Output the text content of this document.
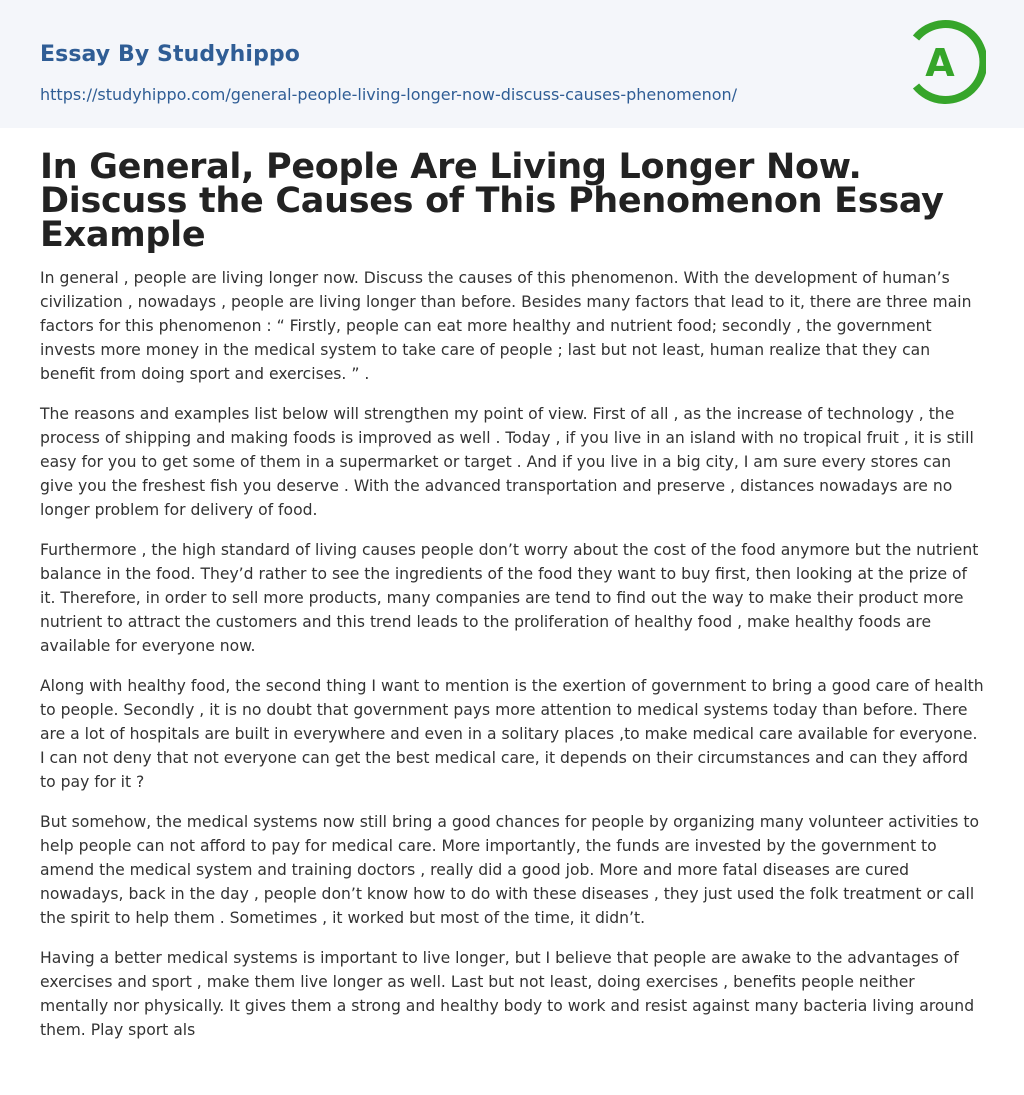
Essay By Studyhippo
https://studyhippo.com/general-people-living-longer-now-discuss-causes-phenomenon/
A
In General, People Are Living Longer Now. Discuss the Causes of This Phenomenon Essay Example

In general , people are living longer now. Discuss the causes of this phenomenon. With the development of human’s civilization , nowadays , people are living longer than before. Besides many factors that lead to it, there are three main factors for this phenomenon : “ Firstly, people can eat more healthy and nutrient food; secondly , the government invests more money in the medical system to take care of people ; last but not least, human realize that they can benefit from doing sport and exercises. ” .

The reasons and examples list below will strengthen my point of view. First of all , as the increase of technology , the process of shipping and making foods is improved as well . Today , if you live in an island with no tropical fruit , it is still easy for you to get some of them in a supermarket or target . And if you live in a big city, I am sure every stores can give you the freshest fish you deserve . With the advanced transportation and preserve , distances nowadays are no longer problem for delivery of food.

Furthermore , the high standard of living causes people don’t worry about the cost of the food anymore but the nutrient balance in the food. They’d rather to see the ingredients of the food they want to buy first, then looking at the prize of it. Therefore, in order to sell more products, many companies are tend to find out the way to make their product more nutrient to attract the customers and this trend leads to the proliferation of healthy food , make healthy foods are available for everyone now.

Along with healthy food, the second thing I want to mention is the exertion of government to bring a good care of health to people. Secondly , it is no doubt that government pays more attention to medical systems today than before. There are a lot of hospitals are built in everywhere and even in a solitary places ,to make medical care available for everyone. I can not deny that not everyone can get the best medical care, it depends on their circumstances and can they afford to pay for it ?

But somehow, the medical systems now still bring a good chances for people by organizing many volunteer activities to help people can not afford to pay for medical care. More importantly, the funds are invested by the government to amend the medical system and training doctors , really did a good job. More and more fatal diseases are cured nowadays, back in the day , people don’t know how to do with these diseases , they just used the folk treatment or call the spirit to help them . Sometimes , it worked but most of the time, it didn’t.

Having a better medical systems is important to live longer, but I believe that people are awake to the advantages of exercises and sport , make them live longer as well. Last but not least, doing exercises , benefits people neither mentally nor physically. It gives them a strong and healthy body to work and resist against many bacteria living around them. Play sport als
